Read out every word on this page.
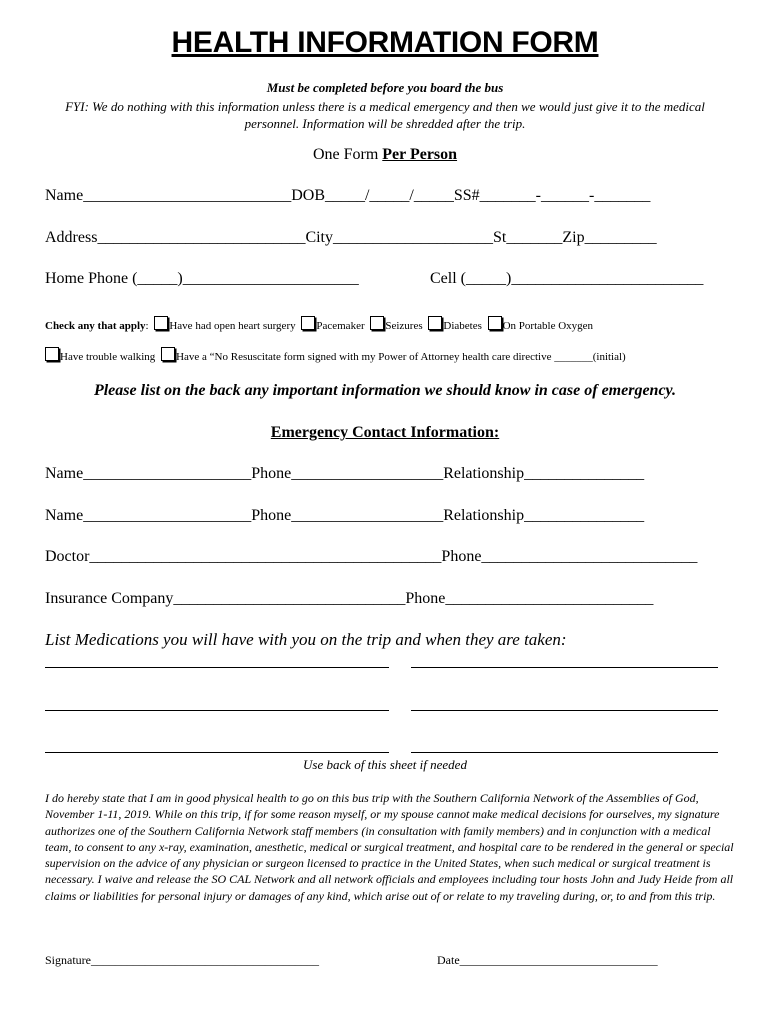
HEALTH INFORMATION FORM
Must be completed before you board the bus
FYI: We do nothing with this information unless there is a medical emergency and then we would just give it to the medical personnel. Information will be shredded after the trip.
One Form Per Person
Name__________________________DOB_____/_____/_____SS#_______-______-_______
Address__________________________City____________________St_______Zip_________
Home Phone (_____)______________________	Cell (_____)________________________
Check any that apply: Have had open heart surgery Pacemaker Seizures Diabetes On Portable Oxygen
Have trouble walking Have a “No Resuscitate form signed with my Power of Attorney health care directive _______(initial)
Please list on the back any important information we should know in case of emergency.
Emergency Contact Information:
Name_____________________Phone___________________Relationship_______________
Name_____________________Phone___________________Relationship_______________
Doctor____________________________________________Phone___________________________
Insurance Company_____________________________Phone__________________________
List Medications you will have with you on the trip and when they are taken:
Use back of this sheet if needed
I do hereby state that I am in good physical health to go on this bus trip with the Southern California Network of the Assemblies of God, November 1-11, 2019. While on this trip, if for some reason myself, or my spouse cannot make medical decisions for ourselves, my signature authorizes one of the Southern California Network staff members (in consultation with family members) and in conjunction with a medical team, to consent to any x-ray, examination, anesthetic, medical or surgical treatment, and hospital care to be rendered in the general or special supervision on the advice of any physician or surgeon licensed to practice in the United States, when such medical or surgical treatment is necessary. I waive and release the SO CAL Network and all network officials and employees including tour hosts John and Judy Heide from all claims or liabilities for personal injury or damages of any kind, which arise out of or relate to my traveling during, or, to and from this trip.
Signature______________________________________	Date_________________________________
